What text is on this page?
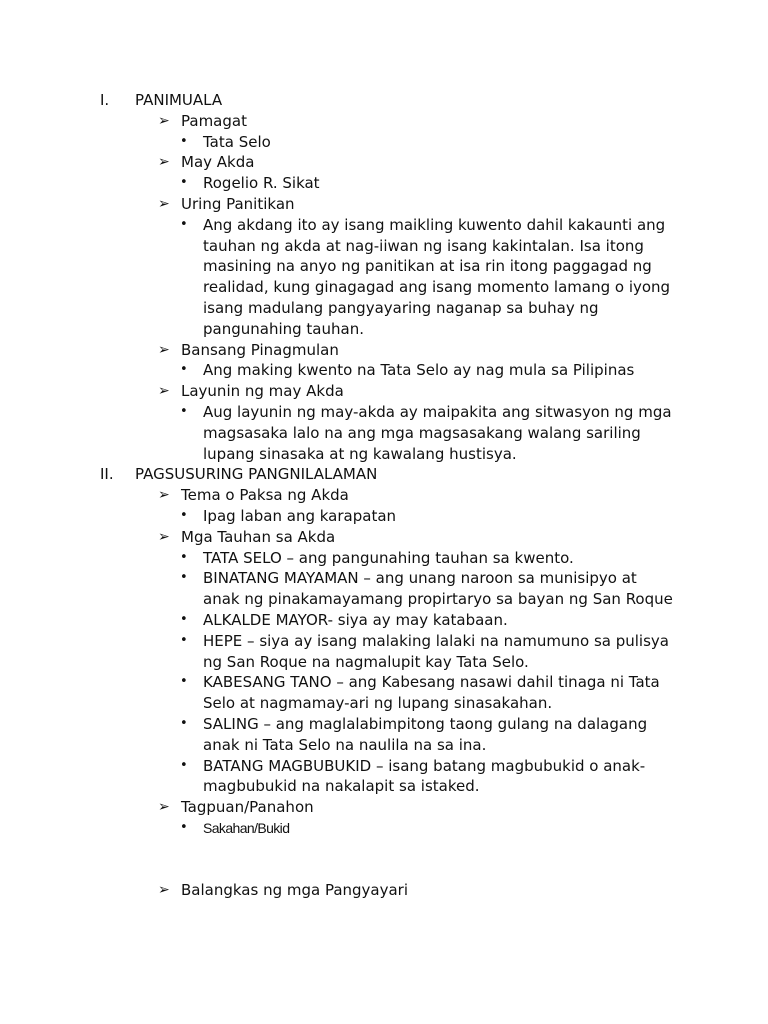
I. PANIMUALA
➢ Pamagat
• Tata Selo
➢ May Akda
• Rogelio R. Sikat
➢ Uring Panitikan
• Ang akdang ito ay isang maikling kuwento dahil kakaunti ang
tauhan ng akda at nag-iiwan ng isang kakintalan. Isa itong
masining na anyo ng panitikan at isa rin itong paggagad ng
realidad, kung ginagagad ang isang momento lamang o iyong
isang madulang pangyayaring naganap sa buhay ng
pangunahing tauhan.
➢ Bansang Pinagmulan
• Ang making kwento na Tata Selo ay nag mula sa Pilipinas
➢ Layunin ng may Akda
• Aug layunin ng may-akda ay maipakita ang sitwasyon ng mga
magsasaka lalo na ang mga magsasakang walang sariling
lupang sinasaka at ng kawalang hustisya.
II. PAGSUSURING PANGNILALAMAN
➢ Tema o Paksa ng Akda
• Ipag laban ang karapatan
➢ Mga Tauhan sa Akda
• TATA SELO – ang pangunahing tauhan sa kwento.
• BINATANG MAYAMAN – ang unang naroon sa munisipyo at
anak ng pinakamayamang propirtaryo sa bayan ng San Roque
• ALKALDE MAYOR- siya ay may katabaan.
• HEPE – siya ay isang malaking lalaki na namumuno sa pulisya
ng San Roque na nagmalupit kay Tata Selo.
• KABESANG TANO – ang Kabesang nasawi dahil tinaga ni Tata
Selo at nagmamay-ari ng lupang sinasakahan.
• SALING – ang maglalabimpitong taong gulang na dalagang
anak ni Tata Selo na naulila na sa ina.
• BATANG MAGBUBUKID – isang batang magbubukid o anak-
magbubukid na nakalapit sa istaked.
➢ Tagpuan/Panahon
• Sakahan/Bukid
➢ Balangkas ng mga Pangyayari
